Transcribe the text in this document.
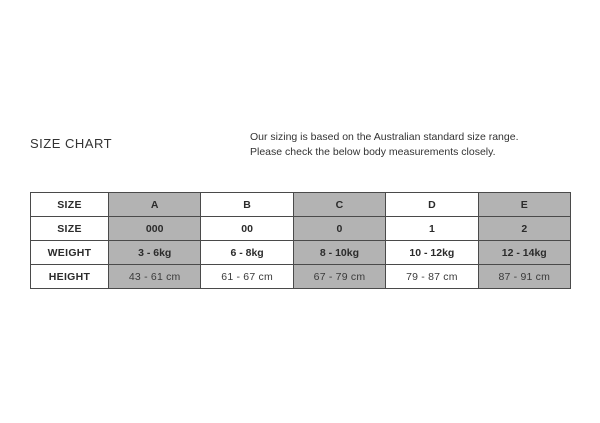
SIZE CHART	Our sizing is based on the Australian standard size range.
Please check the below body measurements closely.
SIZE	A	B	C	D	E
SIZE	000	00	0	1	2
WEIGHT	3 - 6kg	6 - 8kg	8 - 10kg	10 - 12kg	12 - 14kg
HEIGHT	43 - 61 cm	61 - 67 cm	67 - 79 cm	79 - 87 cm	87 - 91 cm
